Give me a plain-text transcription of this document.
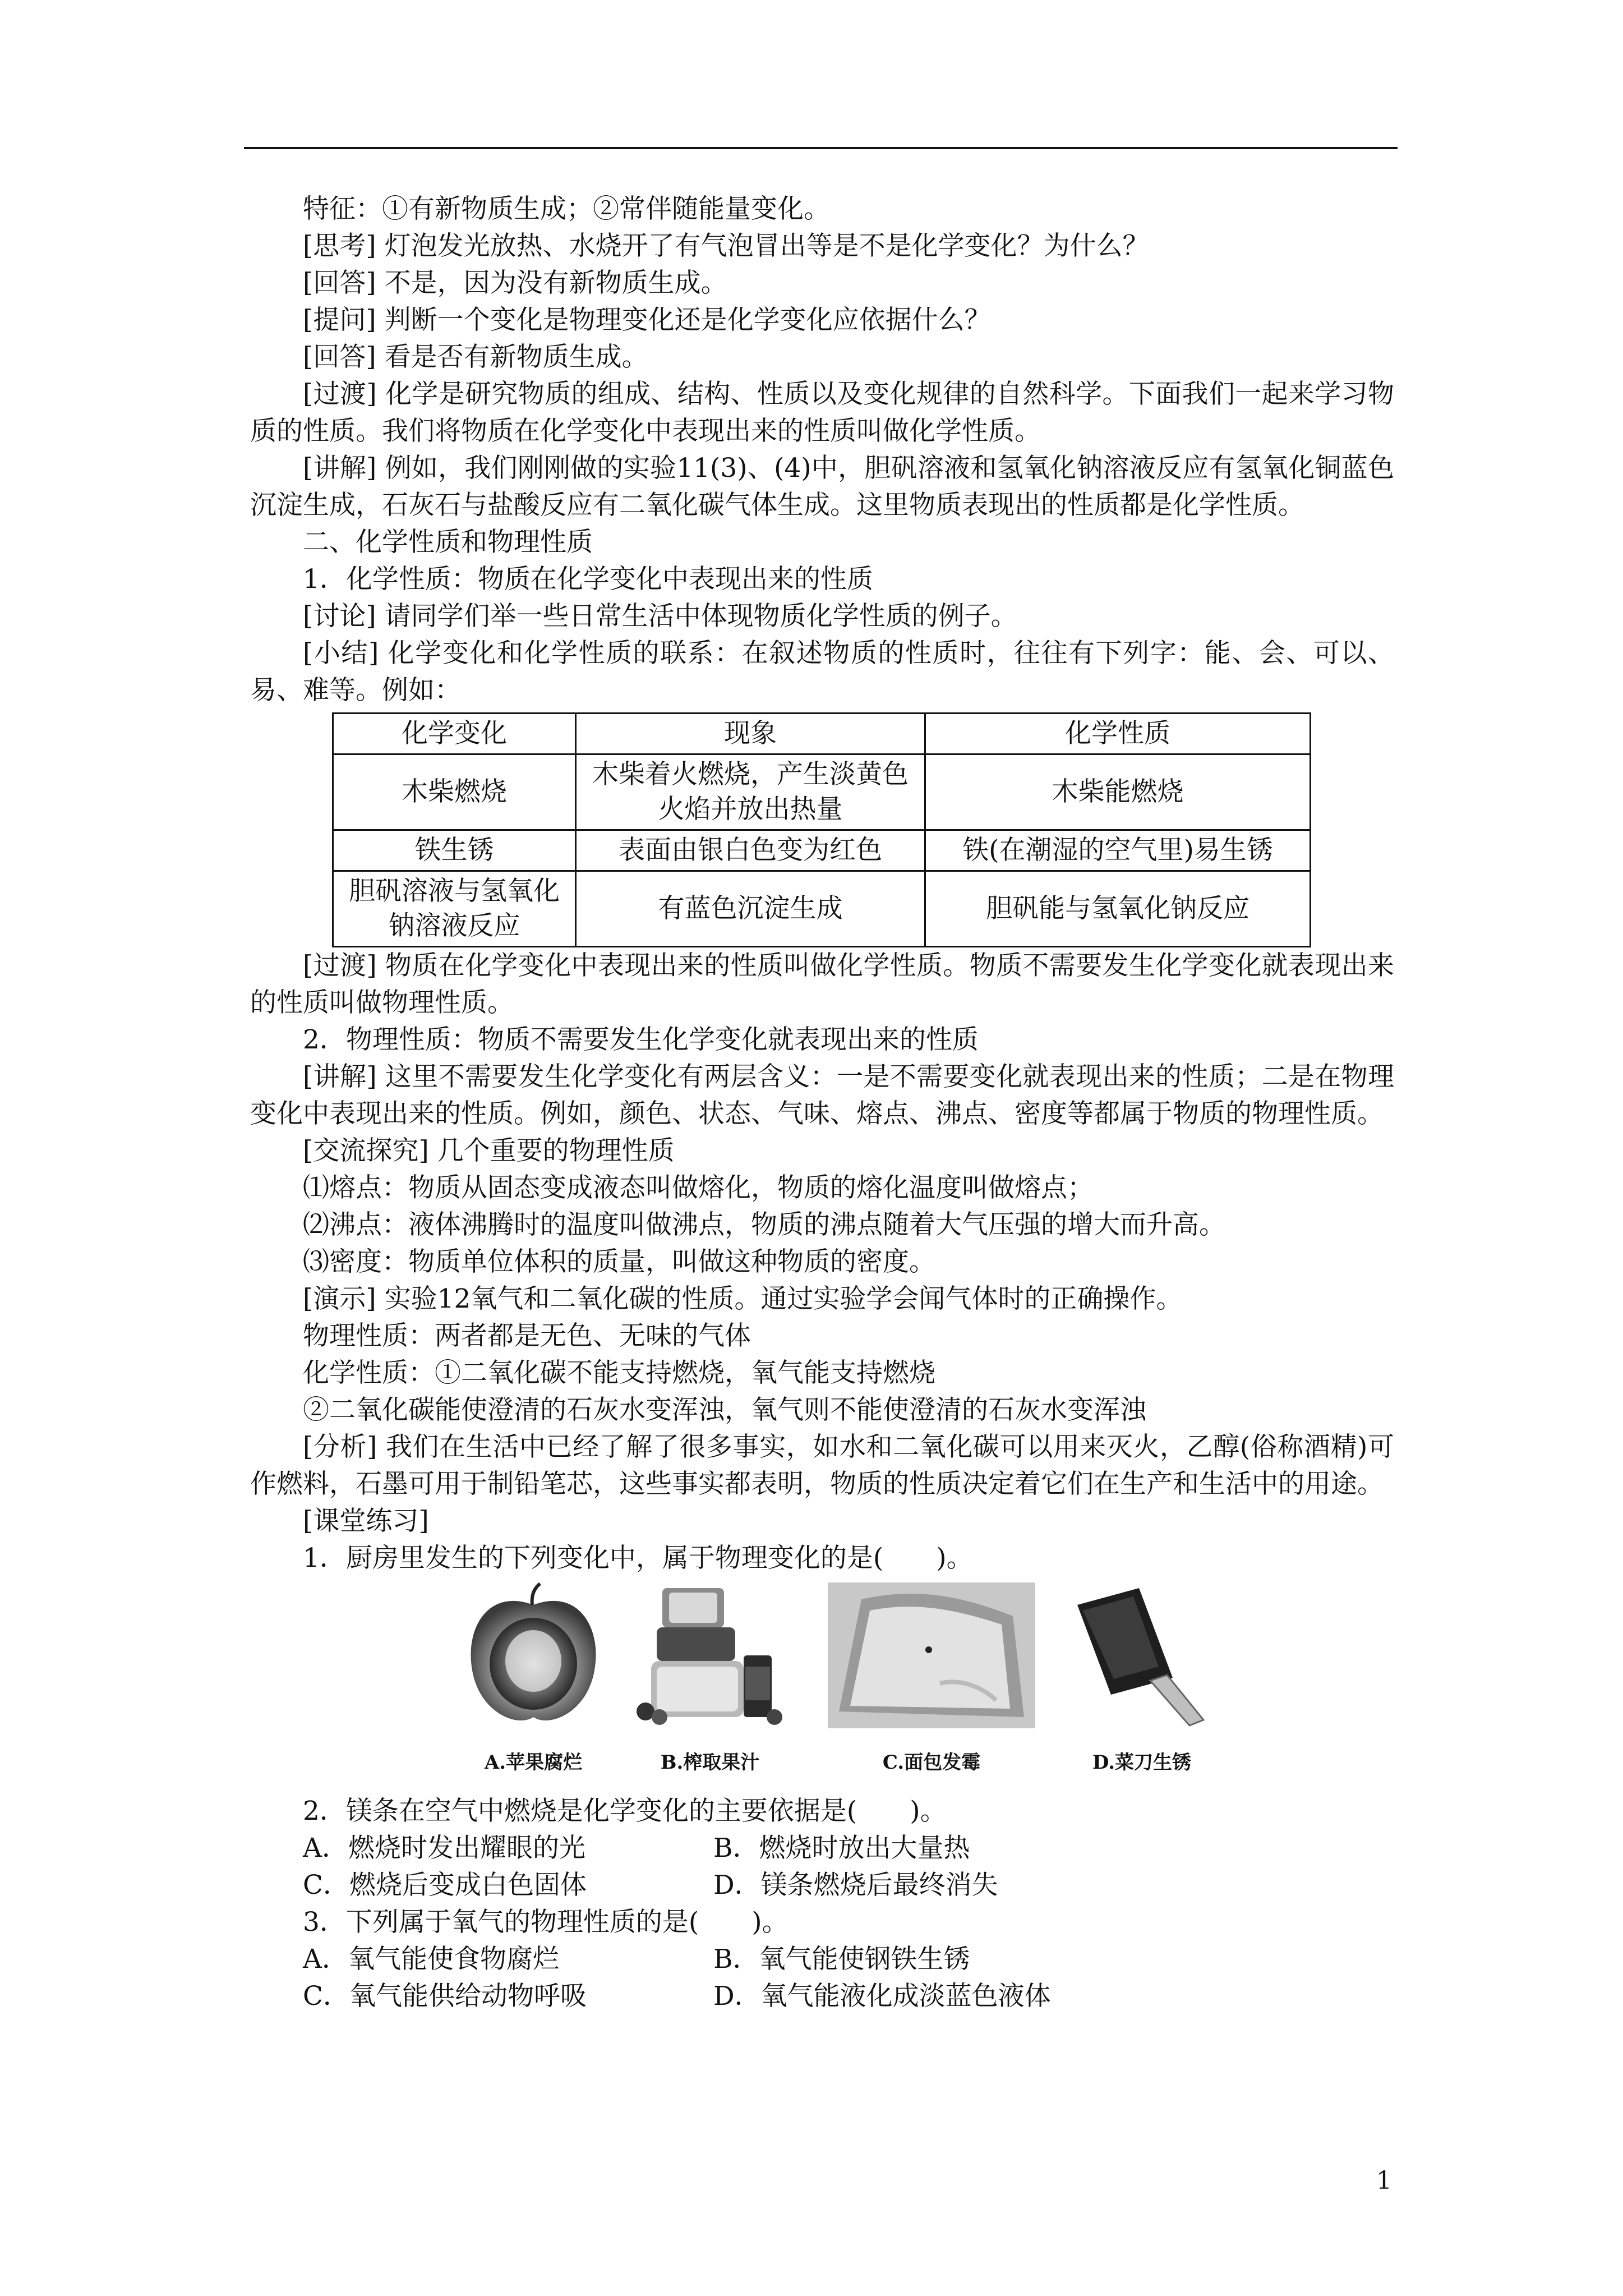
特征：①有新物质生成；②常伴随能量变化。

[思考] 灯泡发光放热、水烧开了有气泡冒出等是不是化学变化？为什么？

[回答] 不是，因为没有新物质生成。

[提问] 判断一个变化是物理变化还是化学变化应依据什么？

[回答] 看是否有新物质生成。

[过渡] 化学是研究物质的组成、结构、性质以及变化规律的自然科学。下面我们一起来学习物质的性质。我们将物质在化学变化中表现出来的性质叫做化学性质。

[讲解] 例如，我们刚刚做的实验11(3)、(4)中，胆矾溶液和氢氧化钠溶液反应有氢氧化铜蓝色沉淀生成，石灰石与盐酸反应有二氧化碳气体生成。这里物质表现出的性质都是化学性质。

二、化学性质和物理性质

1．化学性质：物质在化学变化中表现出来的性质

[讨论] 请同学们举一些日常生活中体现物质化学性质的例子。

[小结] 化学变化和化学性质的联系：在叙述物质的性质时，往往有下列字：能、会、可以、易、难等。例如：

化学变化	现象	化学性质
木柴燃烧	木柴着火燃烧，产生淡黄色火焰并放出热量	木柴能燃烧
铁生锈	表面由银白色变为红色	铁(在潮湿的空气里)易生锈
胆矾溶液与氢氧化钠溶液反应	有蓝色沉淀生成	胆矾能与氢氧化钠反应

[过渡] 物质在化学变化中表现出来的性质叫做化学性质。物质不需要发生化学变化就表现出来的性质叫做物理性质。

2．物理性质：物质不需要发生化学变化就表现出来的性质

[讲解] 这里不需要发生化学变化有两层含义：一是不需要变化就表现出来的性质；二是在物理变化中表现出来的性质。例如，颜色、状态、气味、熔点、沸点、密度等都属于物质的物理性质。

[交流探究] 几个重要的物理性质

⑴熔点：物质从固态变成液态叫做熔化，物质的熔化温度叫做熔点；

⑵沸点：液体沸腾时的温度叫做沸点，物质的沸点随着大气压强的增大而升高。

⑶密度：物质单位体积的质量，叫做这种物质的密度。

[演示] 实验12氧气和二氧化碳的性质。通过实验学会闻气体时的正确操作。

物理性质：两者都是无色、无味的气体

化学性质：①二氧化碳不能支持燃烧，氧气能支持燃烧

②二氧化碳能使澄清的石灰水变浑浊，氧气则不能使澄清的石灰水变浑浊

[分析] 我们在生活中已经了解了很多事实，如水和二氧化碳可以用来灭火，乙醇(俗称酒精)可作燃料，石墨可用于制铅笔芯，这些事实都表明，物质的性质决定着它们在生产和生活中的用途。

[课堂练习]

1．厨房里发生的下列变化中，属于物理变化的是(　　)。

A.苹果腐烂	B.榨取果汁	C.面包发霉	D.菜刀生锈

2．镁条在空气中燃烧是化学变化的主要依据是(　　)。

A．燃烧时发出耀眼的光	B．燃烧时放出大量热
C．燃烧后变成白色固体	D．镁条燃烧后最终消失

3．下列属于氧气的物理性质的是(　　)。

A．氧气能使食物腐烂	B．氧气能使钢铁生锈
C．氧气能供给动物呼吸	D．氧气能液化成淡蓝色液体
1
